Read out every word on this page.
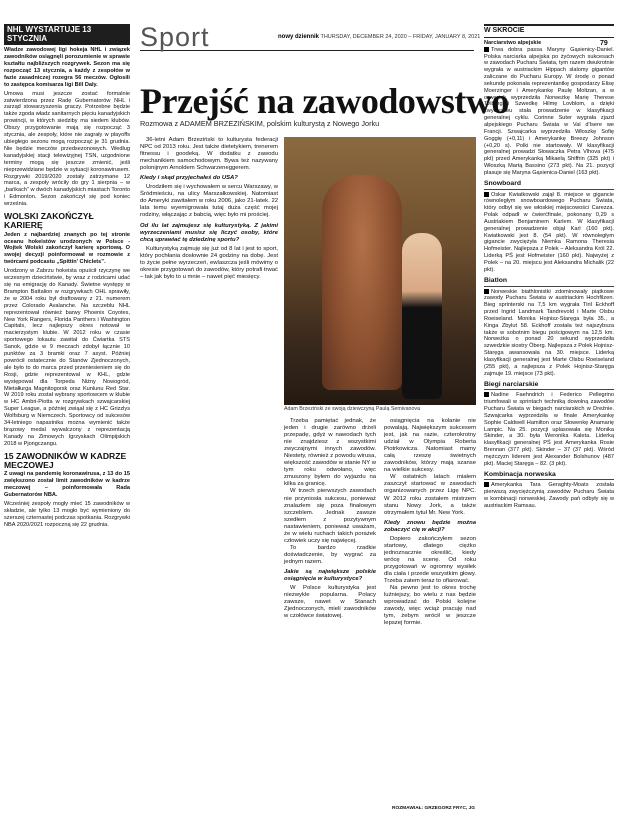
NHL WYSTARTUJE 13 STYCZNIA

Władze zawodowej ligi hokeja NHL i związek zawodników osiągnęli porozumienie w sprawie kształtu najbliższych rozgrywek. Sezon ma się rozpocząć 13 stycznia, a każdy z zespołów w fazie zasadniczej rozegra 56 meczów. Ogłosili to zastępca komisarza ligi Bill Daly.

Umowa musi jeszcze zostać formalnie zatwierdzona przez Radę Gubernatorów NHL i zarząd stowarzyszenia graczy. Potrzebne będzie także zgoda władz sanitarnych pięciu kanadyjskich prowincji, w których siedziby ma siedem klubów. Obszy przygotowanie mają się rozpocząć 3 stycznia, ale zespoły, które nie zagrały w playoffs ubiegłego sezonu mogą rozpocząć je 31 grudnia. Nie będzie meczów przedsezonowych. Według kanadyjskiej stacji telewizyjnej TSN, uzgodnione terminy mogą się jeszcze zmienić, jeśli nieprzewidziane będzie w sytuacji koronawirusem. Rozgrywki 2019/2020 zostały zatrzymane 12 marca, a zespoły wróciły do gry 1 sierpnia – w „bańkach” w dwóch kanadyjskich miastach Toronto i Edmonton. Sezon zakończył się pod koniec września.

WOLSKI ZAKOŃCZYŁ KARIERĘ

Jeden z najbardziej znanych po tej stronie oceanu hokeistów urodzonych w Polsce - Wojtek Wolski zakończył karierę sportową. O swojej decyzji poinformował w rozmowie z twórcami podcastu „Spittin’ Chiclets”.

Urodzony w Zabrzu hokeista opuścił rzyczynę we wczesnym dzieciństwie, by wraz z rodzicami udać się na emigrację do Kanady. Świetne występy w Brampton Battalion w rozgrywkach OHL sprawiły, że w 2004 roku był draftowany z 21. numerem przez Colorado Avalanche. Na szczeblu NHL reprezentował również barwy Phoenix Coyotes, New York Rangers, Florida Panthers i Washington Capitals, lecz najlepszy okres notował w macierzystym klubie. W 2012 roku w czasie sportowego lokautu zawitał do Ćwiartka STS Sanok, gdzie w 9 meczach zdobył łącznie 10 punktów za 3 bramki oraz 7 asyst. Później powrócił ostatecznie do Stanów Zjednoczonych, ale było to do marca przed przeniesieniem się do Rosji, gdzie reprezentował w KHL, gdzie występował dla Torpeda Niżny Nowogród, Mietałłurga Magnitogorsk oraz Kunlunu Red Star. W 2019 roku został wybrany sportowcem w klubie w HC Ambri-Piotta w rozgrywkach szwajcarskiej Super League, a później zwiąał się z HC Grizzlys Wolfsburg w Niemczech. Sportowcy od sukcesów 34-letniego napastnika można wymienić także brązowy medal wywalczony z reprezentacją Kanady na Zimowych Igrzyskach Olimpijskich 2018 w Pjongczangu.

15 ZAWODNIKÓW W KADRZE MECZOWEJ

Z uwagi na pandemię koronawirusa, z 13 do 15 zwiększono został limit zawodników w kadrze meczowej – poinformowała Rada Gubernatorów NBA.

Wcześniej zespoły mogły mieć 15 zawodników w składzie, ale tylko 13 mogło być wymieniony do szerszej czternastej podczas spotkania. Rozgrywki NBA 2020/2021 rozpoczną się 22 grudnia.

Sport	nowy dziennik THURSDAY, DECEMBER 24, 2020 – FRIDAY, JANUARY 8, 2021
79
Przejść na zawodowstwo
Rozmowa z ADAMEM BRZEZIŃSKIM, polskim kulturystą z Nowego Jorku

36-letni Adam Brzeziński to kulturysta federacji NPC od 2013 roku. Jest także dietetykiem, trenerem fitnessu i goodeką. W dodatku z zawodu mechanikiem samochodowym. Bywa też nazywany polonijnym Arnoldem Schwarzeneggerem.

Kiedy i skąd przyjechałeś do USA?

Urodziłem się i wychowałem w sercu Warszawy, w Śródmieściu, na ulicy Marszałkowskiej. Natomiast do Ameryki zawitałem w roku 2006, jako 21-latek. 22 lata temu wyemigrowała tutaj duża część mojej rodziny, włączając z babcią, więc było mi prościej.

Od ilu lat zajmujesz się kulturystyką. Z jakimi wyrzeczeniami musisz się liczyć osoby, które chcą uprawiać tę dziedzinę sportu?

Kulturystyką zajmuję się już od 8 lat i jest to sport, który pochłania dosłownie 24 godziny na dobę. Jest to życie pełne wyrzeczeń, ewlaszcza jeśli mówimy o okresie przygotowań do zawodów, który potrafi trwać – tak jak było to u mnie – nawet pięć miesięcy.

Adam Brzeziński ze swoją dziewczyną Paulą Semivanova

Trzeba pamiętać jednak, że jeden i drugie zarówno drżeli przepadę, gdyż w nawodach tych nie znajdziesz z wszystkimi zwyczajnymi innych zawodów. Niestety, również z powodu wirusa, większość zawodów w stanie NY w tym roku odwołano, więc zmuszony byłem do wyjazdu na kilka za granicę.

W trzech pierwszych zawodach nie przyniosła sukcesu, ponieważ znalazłem się poza finałowym szczeblem. Jednak zawsze szedłem z pozytywnym nastawieniem, ponieważ uważam, że w wielu ruchach takich porażek człowiek uczy się najwięcej.

To bardzo rzadkie doświadczenie, by wygrać za jednym razem.

Jakie są największe polskie osiągnięcia w kulturystyce?

W Polsce kulturystyka jest niezwykle popularna. Polacy zawsze, nawet w Stanach Zjednoczonych, mieli zawodników w czołówce światowej.

osiągnięcia na kolanie nie powalają. Największym sukcesem jest, jak na razie, czterokrotny udział w Olympia Roberta Piotrkowicza. Natomiast mamy całą rzeszę świetnych zawodników, którzy mają szanse na wielkie sukcesy.

W ostatnich latach miałem zaszczyt startować w zawodach organizowanych przez Ligę NPC. W 2012 roku zostałem mistrzem stanu Nowy Jork, a także otrzymałem tytuł Mr. New York.

Kiedy znowu będzie można zobaczyć cię w akcji?

Dopiero zakończyłem sezon startowy, dlatego ciężko jednoznacznie określić, kiedy wrócę na scenę. Od roku przygotowań w ogromny wysiłek dla ciała i przede wszystkim głowy. Trzeba zatem teraz to ofiarować.

Na pewno jest to okres trochę luźniejszy, bo wielu z nas będzie wprowadzać do Polski kolejne zawody, więc wciąż pracuję nad tym, żebym wrócił w jeszcze lepszej formie.

ROZMAWIAŁ: GRZEGORZ FRYC, JG
W SKRÓCIE
Narciarstwo alpejskie

Trwa dobra passa Maryny Gąsienicy-Daniel. Polska narciarka alpejska po żyćowych sukcesach w zawodach Pucharu Świata, tym razem dwukrotnie wygrała w austriackim Hippach slalomy gigantów zaliczane do Pucharu Europy. W środę o ponad sekundę pokonała reprezentantkę gospodarzy Elisę Moerzinger i Amerykankę Paulę Moltzan, a w czwartek wyprzedziła Norweżkę Marię Therese Tviberg i Szwedkę Hilmę Lovblom, a dzięki zwycięstwu stała prowadzenie w klasyfikacji generalnej cyklu. Corinne Suter wygrała zjazd alpejskiego Pucharu Świata w Val d'Isere we Francji. Szwajcarka wyprzedziła Włoszkę Sofię Goggię (+0,11) i Amerykankę Breezy Johnson (+0,20 s). Polki nie startowały. W klasyfikacji generalnej prowadzi Słowaczka Petra Vlhova (475 pkt) przed Amerykanką Mikaelą Shiffrin (325 pkt) i Włoszką Martą Bassino (273 pkt). Na 21. pozycji plasuje się Maryna Gąsienica-Daniel (163 pkt).

Snowboard

Oskar Kwiatkowski zajął 8. miejsce w gigancie równoległym snowboardowego Pucharu Świata, który odbył się we włoskiej miejscowości Carezza. Polak odpadł w ćwierćfinale, pokonany 0,29 s Austriakiem Benjaminem Karlem. W klasyfikacji generalnej prowadzenie objął Karl (160 pkt). Kwiatkowski jest 8. (54 pkt). W równoległym gigancie zwyciężyła Niemka Ramona Theresia Hofmeister. Najlepsza z Polek – Aleksandra Król 22. Liderką PŚ jest Hofmeister (160 pkt). Najwyżej z Polek – na 20. miejscu jest Aleksandra Michalik (22 pkt).

Biatlon

Norweskie biathlonistki zdominowały piątkowe zawody Pucharu Świata w austriackim Hochfilzen. Bieg sprinterski na 7,5 km wygrała Tiril Eckhoff przed Ingrid Landmark Tandrevold i Marte Olsbu Roeiseland. Monika Hojnisz-Staręga była 35., a Kinga Zbylut 58. Eckhoff została też najszybsza także w sobotnim biegu pościgowym na 12,5 km. Norweżka o ponad 20 sekund wyprzedziła szwedzkie siostry Öberg. Najlepsza z Polek Hojnisz-Staręga awansowała na 30. miejsce. Liderką klasyfikacji generalnej jest Marte Olsbu Roeiseland (255 pkt), a najlepsza z Polek Hojnisz-Staręga zajmuje 19. miejsce (73 pkt).

Biegi narciarskie

Nadine Faehndrich i Federico Pellegrino triumfowali w sprintach techniką dowolną zawodów Pucharu Świata w biegach narciarskich w Dreźnie. Szwajcarka wyprzedziła w finale Amerykankę Sophie Caldwell Hamilton oraz Słowenkę Anamarię Lampic. Na 25. pozycji uplasowała się Monika Skinder, a 30. była Weronika Kaleta. Liderką klasyfikacji generalnej PŚ jest Amerykanka Rosie Brennan (377 pkt). Skinder – 37 (37 pkt). Wśród mężczyzn liderem jest Alexander Bolshunov (487 pkt). Maciej Staręga – 82. (3 pkt).

Kombinacja norweska

Amerykanka Tara Geraghty-Moats została pierwszą zwyciężczynią zawodów Pucharu Świata w kombinacji norweskiej. Zawody pań odbyły się w austriackim Ramsau.
